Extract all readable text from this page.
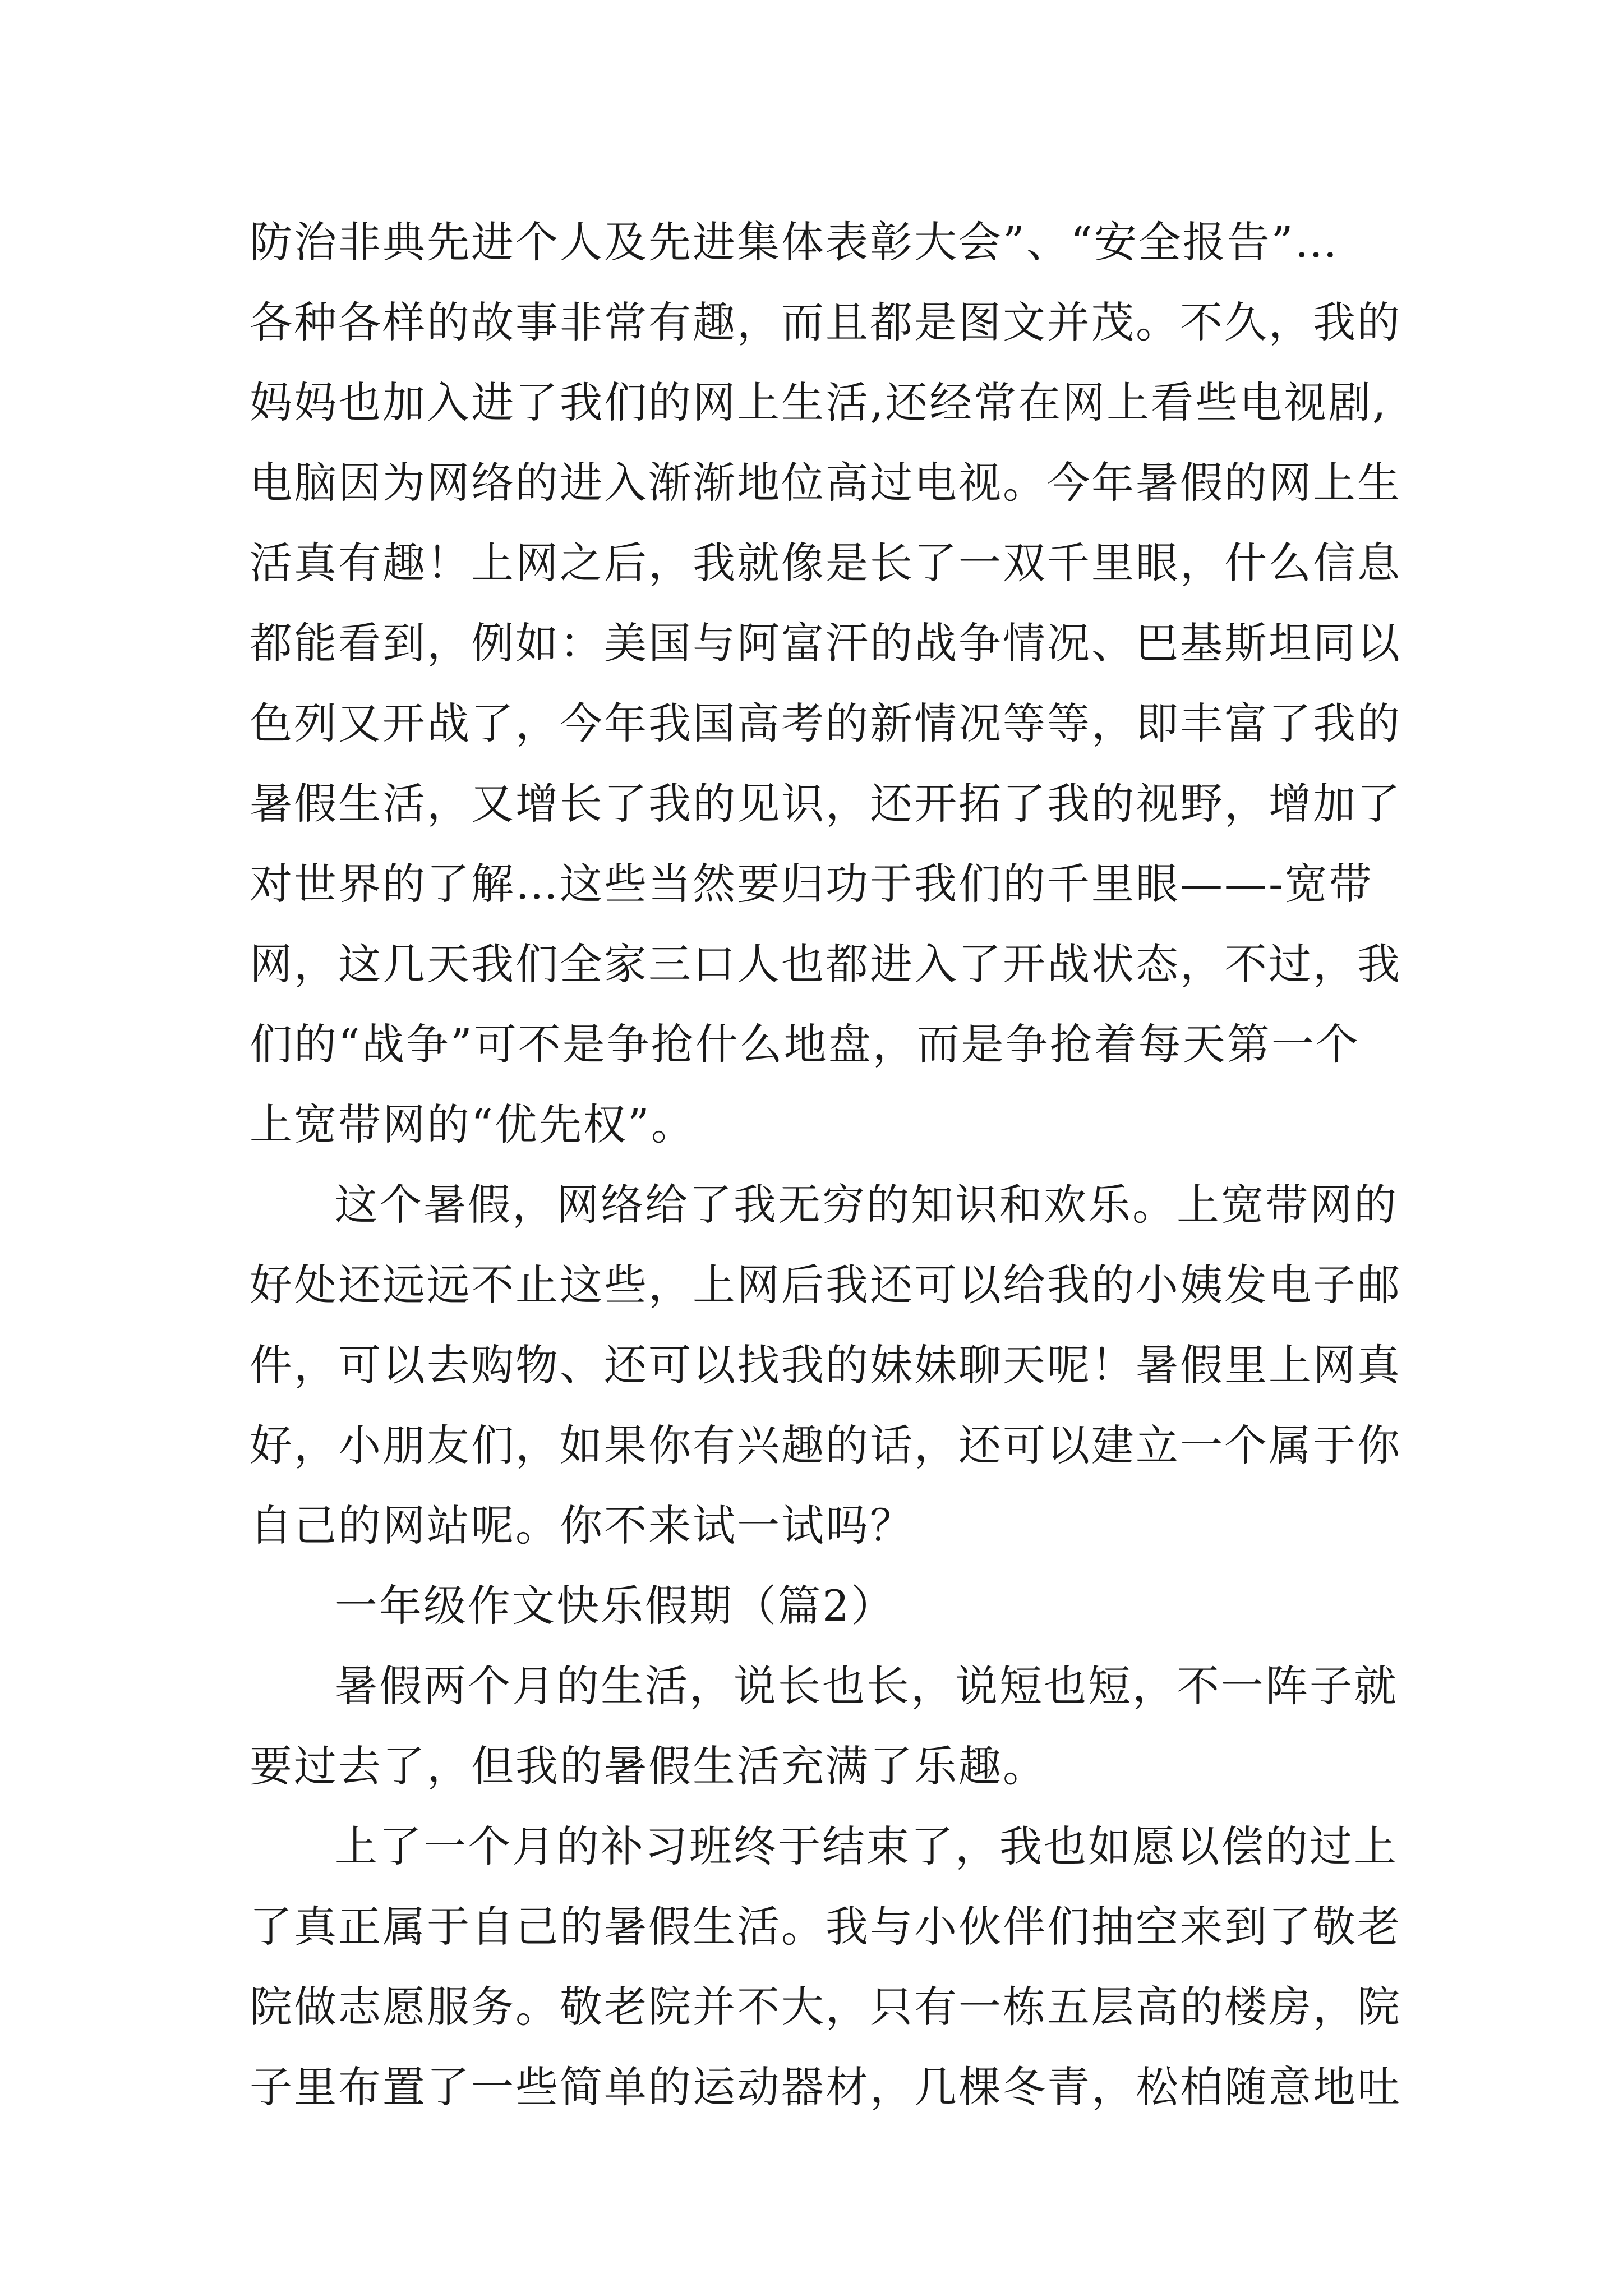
防治非典先进个人及先进集体表彰大会”、“安全报告”…
各种各样的故事非常有趣，而且都是图文并茂。不久，我的
妈妈也加入进了我们的网上生活,还经常在网上看些电视剧,
电脑因为网络的进入渐渐地位高过电视。今年暑假的网上生
活真有趣！上网之后，我就像是长了一双千里眼，什么信息
都能看到，例如：美国与阿富汗的战争情况、巴基斯坦同以
色列又开战了，今年我国高考的新情况等等，即丰富了我的
暑假生活，又增长了我的见识，还开拓了我的视野，增加了
对世界的了解…这些当然要归功于我们的千里眼——-宽带
网，这几天我们全家三口人也都进入了开战状态，不过，我
们的“战争”可不是争抢什么地盘，而是争抢着每天第一个
上宽带网的“优先权”。
这个暑假，网络给了我无穷的知识和欢乐。上宽带网的
好处还远远不止这些，上网后我还可以给我的小姨发电子邮
件，可以去购物、还可以找我的妹妹聊天呢！暑假里上网真
好，小朋友们，如果你有兴趣的话，还可以建立一个属于你
自己的网站呢。你不来试一试吗？
一年级作文快乐假期（篇2）
暑假两个月的生活，说长也长，说短也短，不一阵子就
要过去了，但我的暑假生活充满了乐趣。
上了一个月的补习班终于结束了，我也如愿以偿的过上
了真正属于自己的暑假生活。我与小伙伴们抽空来到了敬老
院做志愿服务。敬老院并不大，只有一栋五层高的楼房，院
子里布置了一些简单的运动器材，几棵冬青，松柏随意地吐
